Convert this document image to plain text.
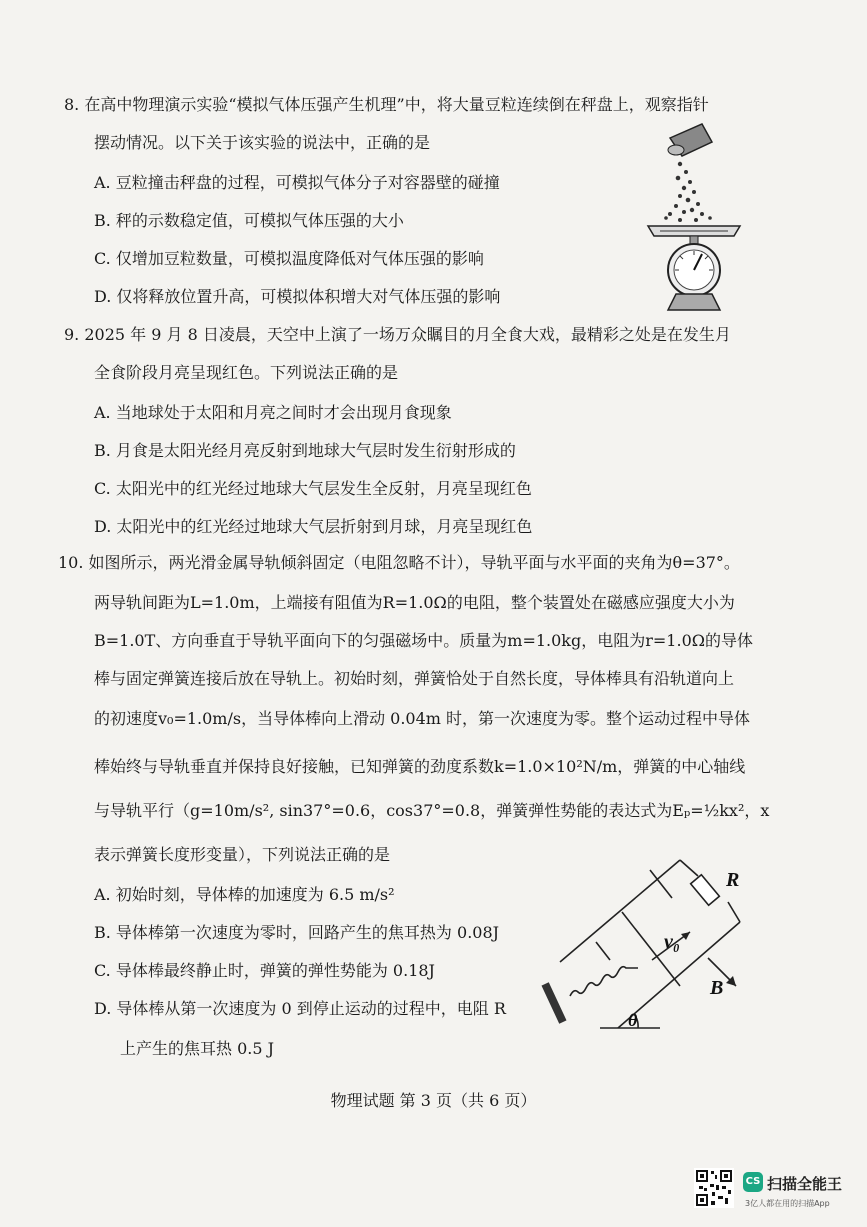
8. 在高中物理演示实验“模拟气体压强产生机理”中，将大量豆粒连续倒在秤盘上，观察指针
摆动情况。以下关于该实验的说法中，正确的是
A. 豆粒撞击秤盘的过程，可模拟气体分子对容器壁的碰撞
B. 秤的示数稳定值，可模拟气体压强的大小
C. 仅增加豆粒数量，可模拟温度降低对气体压强的影响
D. 仅将释放位置升高，可模拟体积增大对气体压强的影响
9. 2025 年 9 月 8 日凌晨，天空中上演了一场万众瞩目的月全食大戏，最精彩之处是在发生月
全食阶段月亮呈现红色。下列说法正确的是
A. 当地球处于太阳和月亮之间时才会出现月食现象
B. 月食是太阳光经月亮反射到地球大气层时发生衍射形成的
C. 太阳光中的红光经过地球大气层发生全反射，月亮呈现红色
D. 太阳光中的红光经过地球大气层折射到月球，月亮呈现红色
10. 如图所示，两光滑金属导轨倾斜固定（电阻忽略不计），导轨平面与水平面的夹角为θ=37°。
两导轨间距为L=1.0m，上端接有阻值为R=1.0Ω的电阻，整个装置处在磁感应强度大小为
B=1.0T、方向垂直于导轨平面向下的匀强磁场中。质量为m=1.0kg，电阻为r=1.0Ω的导体
棒与固定弹簧连接后放在导轨上。初始时刻，弹簧恰处于自然长度，导体棒具有沿轨道向上
的初速度v₀=1.0m/s，当导体棒向上滑动 0.04m 时，第一次速度为零。整个运动过程中导体
棒始终与导轨垂直并保持良好接触，已知弹簧的劲度系数k=1.0×10²N/m，弹簧的中心轴线
与导轨平行（g=10m/s², sin37°=0.6，cos37°=0.8，弹簧弹性势能的表达式为Eₚ=½kx²，x
表示弹簧长度形变量），下列说法正确的是
A. 初始时刻，导体棒的加速度为 6.5 m/s²
B. 导体棒第一次速度为零时，回路产生的焦耳热为 0.08J
C. 导体棒最终静止时，弹簧的弹性势能为 0.18J
D. 导体棒从第一次速度为 0 到停止运动的过程中，电阻 R
上产生的焦耳热 0.5 J
R
v₀
B
θ
物理试题 第 3 页（共 6 页）
CS 扫描全能王
3亿人都在用的扫描App
